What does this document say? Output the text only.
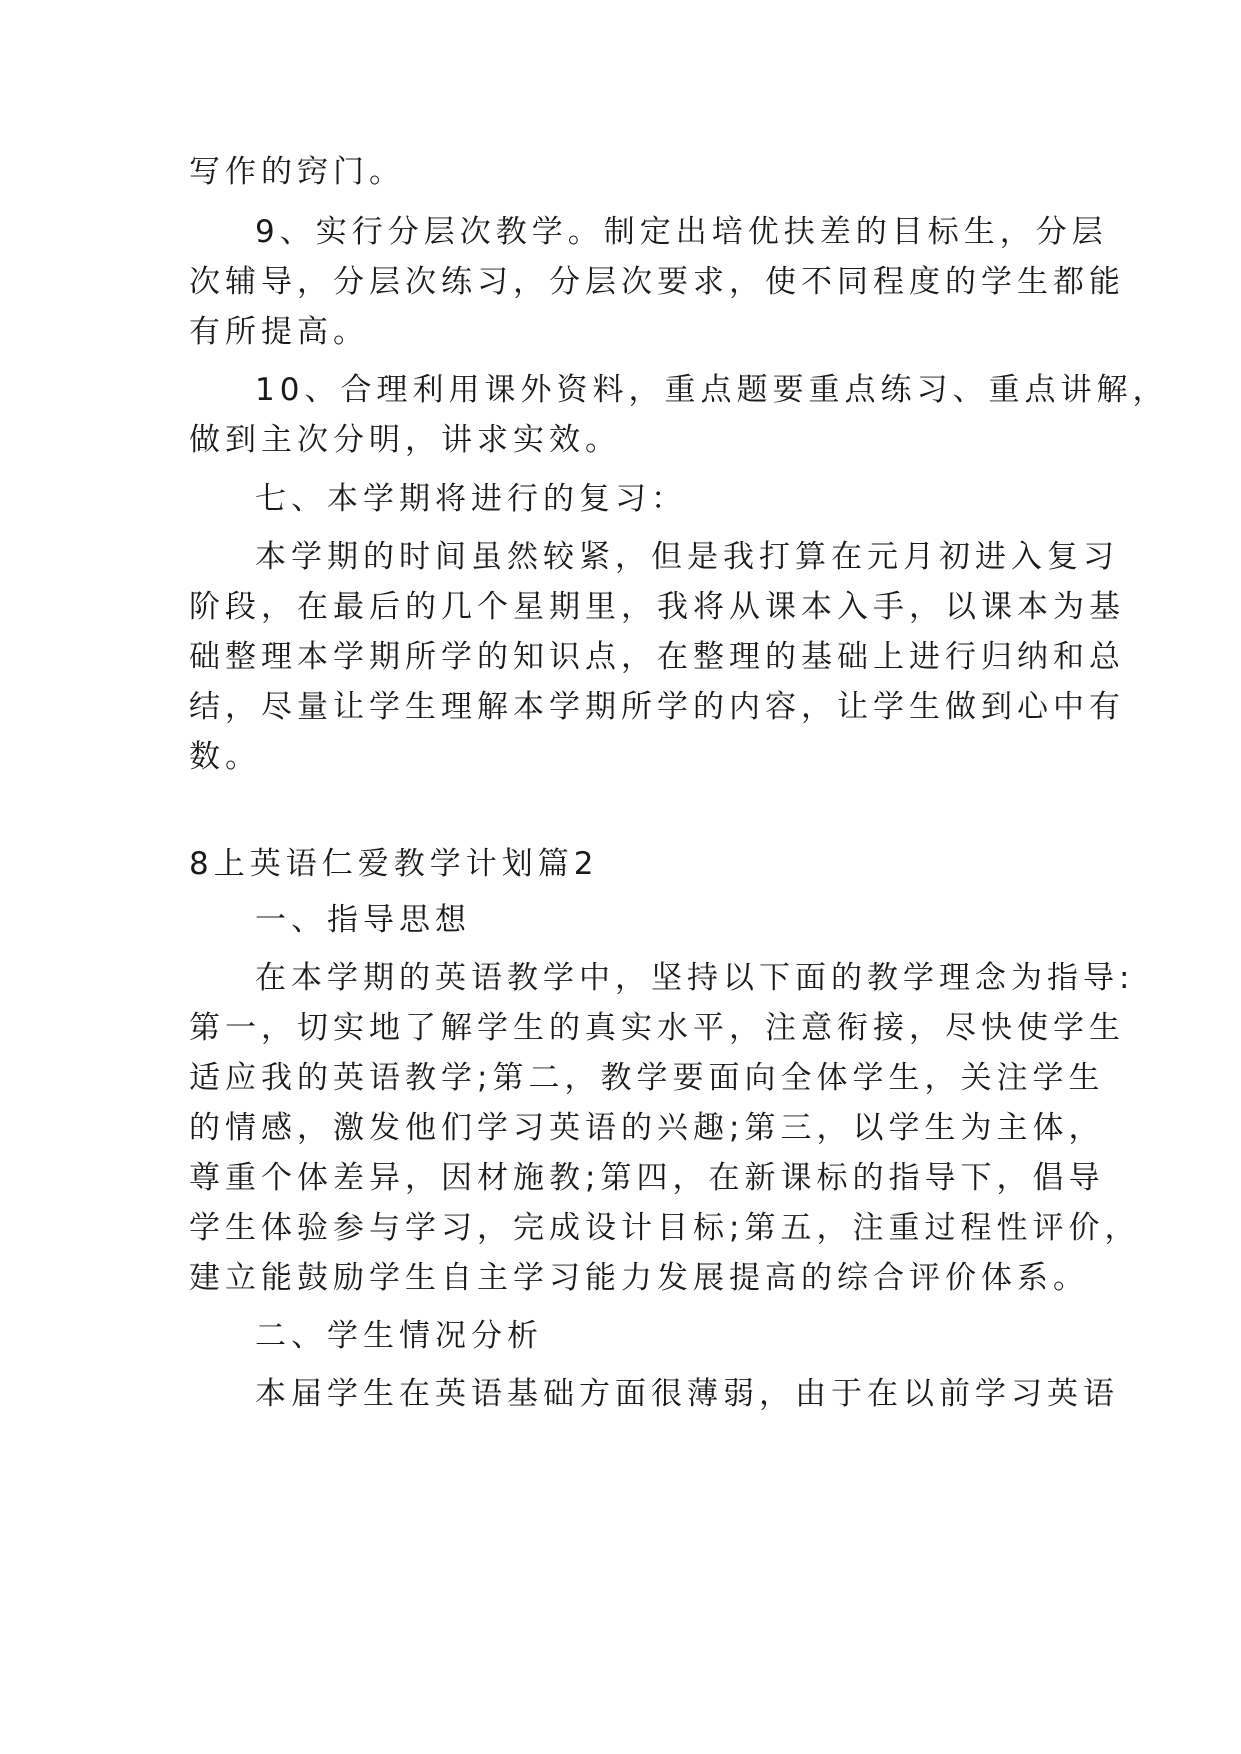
写作的窍门。
9、实行分层次教学。制定出培优扶差的目标生，分层
次辅导，分层次练习，分层次要求，使不同程度的学生都能
有所提高。
10、合理利用课外资料，重点题要重点练习、重点讲解，
做到主次分明，讲求实效。
七、本学期将进行的复习：
本学期的时间虽然较紧，但是我打算在元月初进入复习
阶段，在最后的几个星期里，我将从课本入手，以课本为基
础整理本学期所学的知识点，在整理的基础上进行归纳和总
结，尽量让学生理解本学期所学的内容，让学生做到心中有
数。
8上英语仁爱教学计划篇2
一、指导思想
在本学期的英语教学中，坚持以下面的教学理念为指导:
第一，切实地了解学生的真实水平，注意衔接，尽快使学生
适应我的英语教学;第二，教学要面向全体学生，关注学生
的情感，激发他们学习英语的兴趣;第三，以学生为主体，
尊重个体差异，因材施教;第四，在新课标的指导下，倡导
学生体验参与学习，完成设计目标;第五，注重过程性评价，
建立能鼓励学生自主学习能力发展提高的综合评价体系。
二、学生情况分析
本届学生在英语基础方面很薄弱，由于在以前学习英语
